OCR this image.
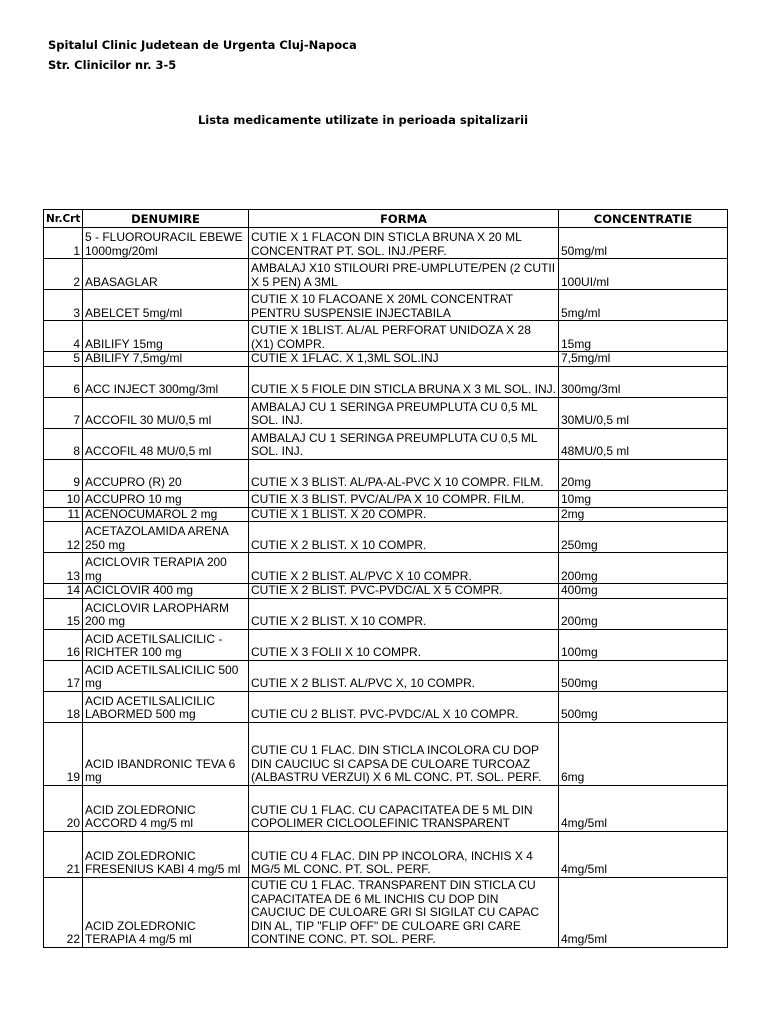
Spitalul Clinic Judetean de Urgenta Cluj-Napoca
Str. Clinicilor nr. 3-5
Lista medicamente utilizate in perioada spitalizarii
Nr.Crt	DENUMIRE	FORMA	CONCENTRATIE
1	5 - FLUOROURACIL EBEWE 1000mg/20ml	CUTIE X 1 FLACON DIN STICLA BRUNA X 20 ML CONCENTRAT PT. SOL. INJ./PERF.	50mg/ml
2	ABASAGLAR	AMBALAJ X10 STILOURI PRE-UMPLUTE/PEN (2 CUTII X 5 PEN) A 3ML	100UI/ml
3	ABELCET 5mg/ml	CUTIE X 10 FLACOANE X 20ML CONCENTRAT PENTRU SUSPENSIE INJECTABILA	5mg/ml
4	ABILIFY 15mg	CUTIE X 1BLIST. AL/AL PERFORAT UNIDOZA X 28 (X1) COMPR.	15mg
5	ABILIFY 7,5mg/ml	CUTIE X 1FLAC. X 1,3ML SOL.INJ	7,5mg/ml
6	ACC INJECT 300mg/3ml	CUTIE X 5 FIOLE DIN STICLA BRUNA X 3 ML SOL. INJ.	300mg/3ml
7	ACCOFIL 30 MU/0,5 ml	AMBALAJ CU 1 SERINGA PREUMPLUTA CU 0,5 ML SOL. INJ.	30MU/0,5 ml
8	ACCOFIL 48 MU/0,5 ml	AMBALAJ CU 1 SERINGA PREUMPLUTA CU 0,5 ML SOL. INJ.	48MU/0,5 ml
9	ACCUPRO (R) 20	CUTIE X 3 BLIST. AL/PA-AL-PVC X 10 COMPR. FILM.	20mg
10	ACCUPRO 10 mg	CUTIE X 3 BLIST. PVC/AL/PA X 10 COMPR. FILM.	10mg
11	ACENOCUMAROL 2 mg	CUTIE X 1 BLIST. X 20 COMPR.	2mg
12	ACETAZOLAMIDA ARENA 250 mg	CUTIE X 2 BLIST. X 10 COMPR.	250mg
13	ACICLOVIR TERAPIA 200 mg	CUTIE X 2 BLIST. AL/PVC X 10 COMPR.	200mg
14	ACICLOVIR 400 mg	CUTIE X 2 BLIST. PVC-PVDC/AL X 5 COMPR.	400mg
15	ACICLOVIR LAROPHARM 200 mg	CUTIE X 2 BLIST. X 10 COMPR.	200mg
16	ACID ACETILSALICILIC - RICHTER 100 mg	CUTIE X 3 FOLII X 10 COMPR.	100mg
17	ACID ACETILSALICILIC 500 mg	CUTIE X 2 BLIST. AL/PVC X, 10 COMPR.	500mg
18	ACID ACETILSALICILIC LABORMED 500 mg	CUTIE CU 2 BLIST. PVC-PVDC/AL X 10 COMPR.	500mg
19	ACID IBANDRONIC TEVA 6 mg	CUTIE CU 1 FLAC. DIN STICLA INCOLORA CU DOP DIN CAUCIUC SI CAPSA DE CULOARE TURCOAZ (ALBASTRU VERZUI) X 6 ML CONC. PT. SOL. PERF.	6mg
20	ACID ZOLEDRONIC ACCORD 4 mg/5 ml	CUTIE CU 1 FLAC. CU CAPACITATEA DE 5 ML DIN COPOLIMER CICLOOLEFINIC TRANSPARENT	4mg/5ml
21	ACID ZOLEDRONIC FRESENIUS KABI 4 mg/5 ml	CUTIE CU 4 FLAC. DIN PP INCOLORA, INCHIS X 4 MG/5 ML CONC. PT. SOL. PERF.	4mg/5ml
22	ACID ZOLEDRONIC TERAPIA 4 mg/5 ml	CUTIE CU 1 FLAC. TRANSPARENT DIN STICLA CU CAPACITATEA DE 6 ML INCHIS CU DOP DIN CAUCIUC DE CULOARE GRI SI SIGILAT CU CAPAC DIN AL, TIP "FLIP OFF" DE CULOARE GRI CARE CONTINE CONC. PT. SOL. PERF.	4mg/5ml
